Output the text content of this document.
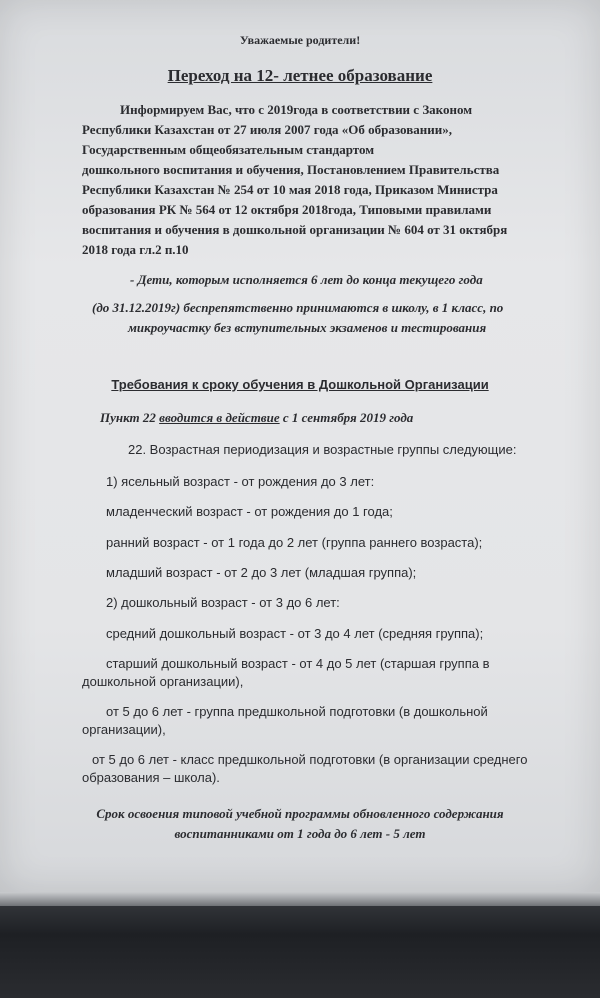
Уважаемые родители!
Переход на 12- летнее образование
Информируем Вас, что с 2019года в соответствии с Законом
Республики Казахстан от 27 июля 2007 года «Об образовании»,
Государственным общеобязательным стандартом
дошкольного воспитания и обучения, Постановлением Правительства
Республики Казахстан № 254 от 10 мая 2018 года, Приказом Министра
образования РК № 564 от 12 октября 2018года, Типовыми правилами
воспитания и обучения в дошкольной организации № 604 от 31 октября
2018 года гл.2 п.10
- Дети, которым исполняется 6 лет до конца текущего года
(до 31.12.2019г) беспрепятственно принимаются в школу, в 1 класс, по
микроучастку без вступительных экзаменов и тестирования
Требования к сроку обучения в Дошкольной Организации
Пункт 22 вводится в действие с 1 сентября 2019 года
22. Возрастная периодизация и возрастные группы следующие:
1) ясельный возраст - от рождения до 3 лет:
младенческий возраст - от рождения до 1 года;
ранний возраст - от 1 года до 2 лет (группа раннего возраста);
младший возраст - от 2 до 3 лет (младшая группа);
2) дошкольный возраст - от 3 до 6 лет:
средний дошкольный возраст - от 3 до 4 лет (средняя группа);
старший дошкольный возраст - от 4 до 5 лет (старшая группа в
дошкольной организации),
от 5 до 6 лет - группа предшкольной подготовки (в дошкольной
организации),
от 5 до 6 лет - класс предшкольной подготовки (в организации среднего
образования – школа).
Срок освоения типовой учебной программы обновленного содержания
воспитанниками от 1 года до 6 лет - 5 лет
